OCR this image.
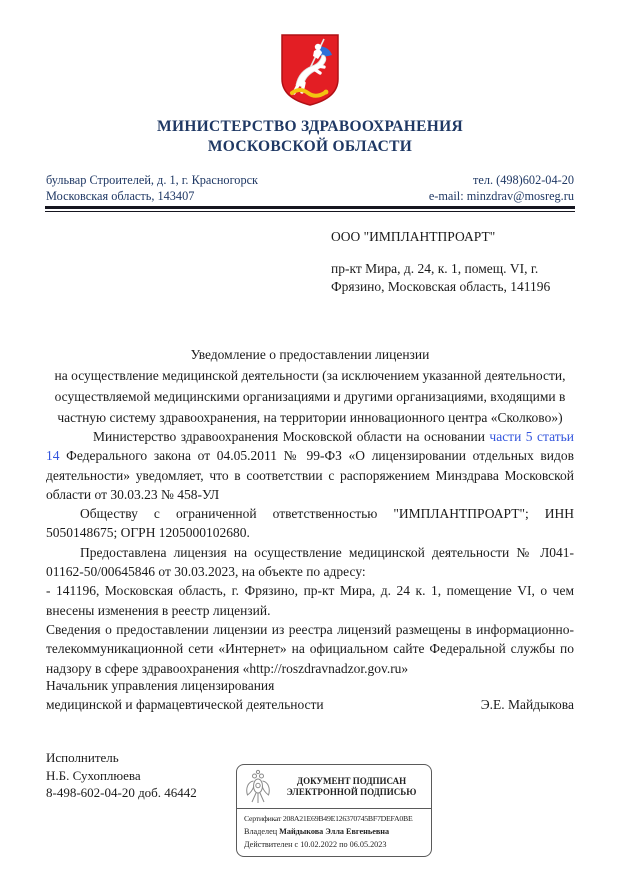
МИНИСТЕРСТВО ЗДРАВООХРАНЕНИЯ
МОСКОВСКОЙ ОБЛАСТИ
бульвар Строителей, д. 1, г. Красногорск
Московская область, 143407
тел. (498)602-04-20
e-mail: minzdrav@mosreg.ru
ООО "ИМПЛАНТПРОАРТ"
пр-кт Мира, д. 24, к. 1, помещ. VI, г.
Фрязино, Московская область, 141196
Уведомление о предоставлении лицензии
на осуществление медицинской деятельности (за исключением указанной деятельности, осуществляемой медицинскими организациями и другими организациями, входящими в частную систему здравоохранения, на территории инновационного центра «Сколково»)

Министерство здравоохранения Московской области на основании части 5 статьи 14 Федерального закона от 04.05.2011 № 99-ФЗ «О лицензировании отдельных видов деятельности» уведомляет, что в соответствии с распоряжением Минздрава Московской области от 30.03.23 № 458-УЛ

Обществу с ограниченной ответственностью "ИМПЛАНТПРОАРТ"; ИНН 5050148675; ОГРН 1205000102680.

Предоставлена лицензия на осуществление медицинской деятельности № Л041-01162-50/00645846 от 30.03.2023, на объекте по адресу:

- 141196, Московская область, г. Фрязино, пр-кт Мира, д. 24 к. 1, помещение VI, о чем внесены изменения в реестр лицензий.

Сведения о предоставлении лицензии из реестра лицензий размещены в информационно- телекоммуникационной сети «Интернет» на официальном сайте Федеральной службы по надзору в сфере здравоохранения «http://roszdravnadzor.gov.ru»

Начальник управления лицензирования
медицинской и фармацевтической деятельности	Э.Е. Майдыкова
Исполнитель
Н.Б. Сухоплюева
8-498-602-04-20 доб. 46442
ДОКУМЕНТ ПОДПИСАН
ЭЛЕКТРОННОЙ ПОДПИСЬЮ
Сертификат 208A21E69B49E126370745BF7DEFA0BE
Владелец Майдыкова Элла Евгеньевна
Действителен с 10.02.2022 по 06.05.2023
